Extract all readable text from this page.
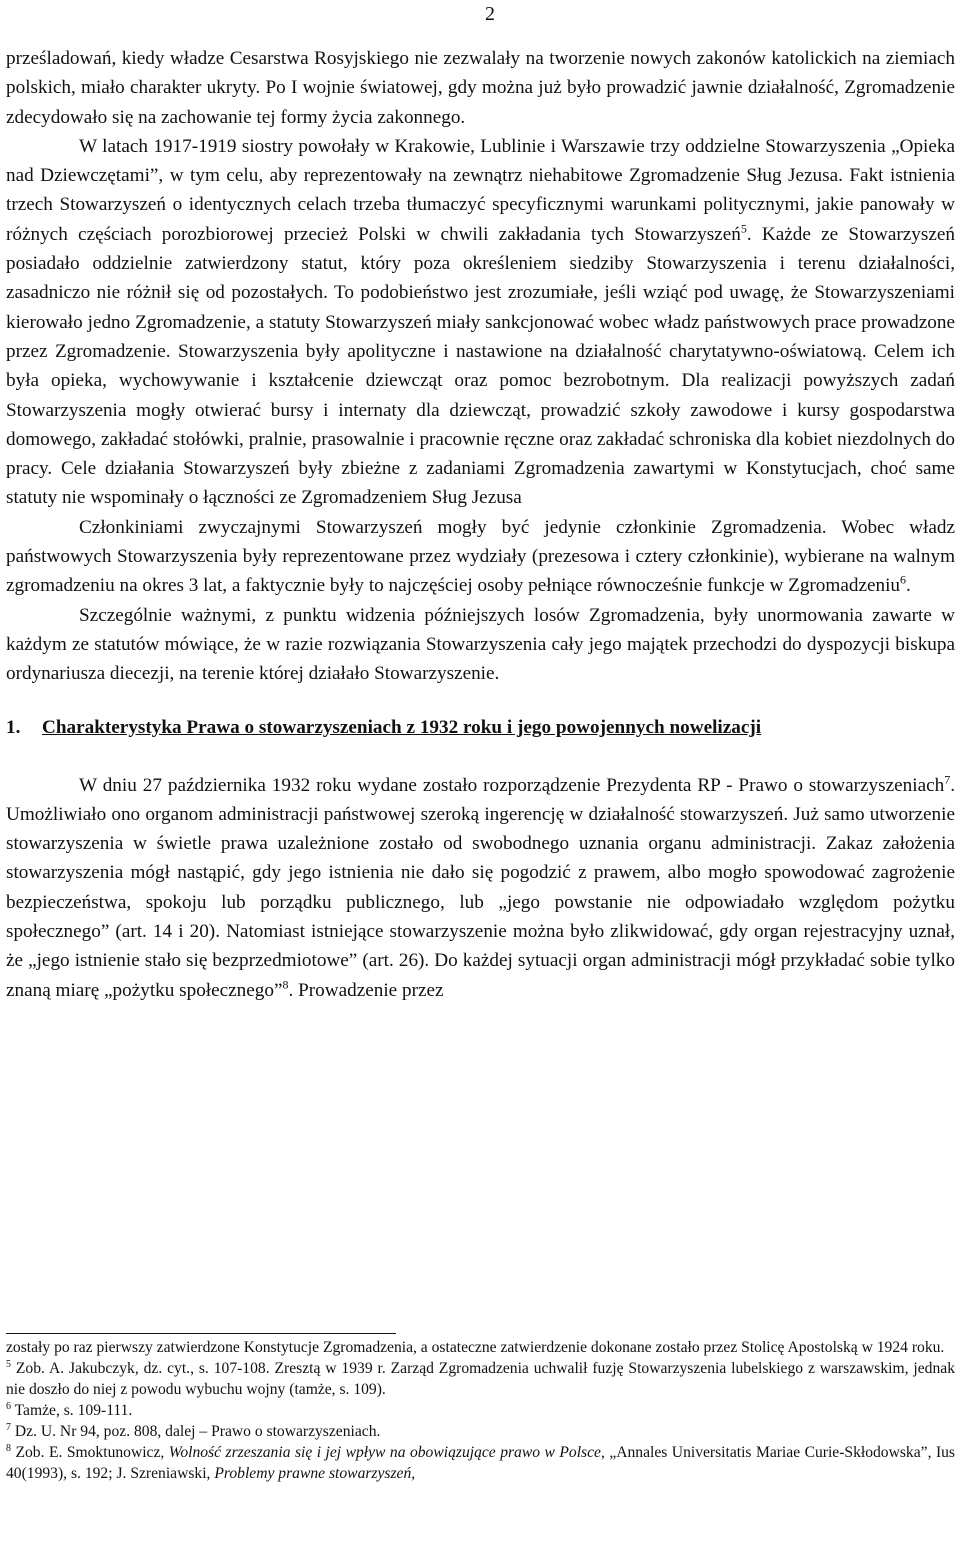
2

prześladowań, kiedy władze Cesarstwa Rosyjskiego nie zezwalały na tworzenie nowych zakonów katolickich na ziemiach polskich, miało charakter ukryty. Po I wojnie światowej, gdy można już było prowadzić jawnie działalność, Zgromadzenie zdecydowało się na zachowanie tej formy życia zakonnego.

W latach 1917-1919 siostry powołały w Krakowie, Lublinie i Warszawie trzy oddzielne Stowarzyszenia „Opieka nad Dziewczętami”, w tym celu, aby reprezentowały na zewnątrz niehabitowe Zgromadzenie Sług Jezusa. Fakt istnienia trzech Stowarzyszeń o identycznych celach trzeba tłumaczyć specyficznymi warunkami politycznymi, jakie panowały w różnych częściach porozbiorowej przecież Polski w chwili zakładania tych Stowarzyszeń$^5$. Każde ze Stowarzyszeń posiadało oddzielnie zatwierdzony statut, który poza określeniem siedziby Stowarzyszenia i terenu działalności, zasadniczo nie różnił się od pozostałych. To podobieństwo jest zrozumiałe, jeśli wziąć pod uwagę, że Stowarzyszeniami kierowało jedno Zgromadzenie, a statuty Stowarzyszeń miały sankcjonować wobec władz państwowych prace prowadzone przez Zgromadzenie. Stowarzyszenia były apolityczne i nastawione na działalność charytatywno-oświatową. Celem ich była opieka, wychowywanie i kształcenie dziewcząt oraz pomoc bezrobotnym. Dla realizacji powyższych zadań Stowarzyszenia mogły otwierać bursy i internaty dla dziewcząt, prowadzić szkoły zawodowe i kursy gospodarstwa domowego, zakładać stołówki, pralnie, prasowalnie i pracownie ręczne oraz zakładać schroniska dla kobiet niezdolnych do pracy. Cele działania Stowarzyszeń były zbieżne z zadaniami Zgromadzenia zawartymi w Konstytucjach, choć same statuty nie wspominały o łączności ze Zgromadzeniem Sług Jezusa

Członkiniami zwyczajnymi Stowarzyszeń mogły być jedynie członkinie Zgromadzenia. Wobec władz państwowych Stowarzyszenia były reprezentowane przez wydziały (prezesowa i cztery członkinie), wybierane na walnym zgromadzeniu na okres 3 lat, a faktycznie były to najczęściej osoby pełniące równocześnie funkcje w Zgromadzeniu$^6$.

Szczególnie ważnymi, z punktu widzenia późniejszych losów Zgromadzenia, były unormowania zawarte w każdym ze statutów mówiące, że w razie rozwiązania Stowarzyszenia cały jego majątek przechodzi do dyspozycji biskupa ordynariusza diecezji, na terenie której działało Stowarzyszenie.

1.	Charakterystyka Prawa o stowarzyszeniach z 1932 roku i jego powojennych nowelizacji

W dniu 27 października 1932 roku wydane zostało rozporządzenie Prezydenta RP - Prawo o stowarzyszeniach$^7$. Umożliwiało ono organom administracji państwowej szeroką ingerencję w działalność stowarzyszeń. Już samo utworzenie stowarzyszenia w świetle prawa uzależnione zostało od swobodnego uznania organu administracji. Zakaz założenia stowarzyszenia mógł nastąpić, gdy jego istnienia nie dało się pogodzić z prawem, albo mogło spowodować zagrożenie bezpieczeństwa, spokoju lub porządku publicznego, lub „jego powstanie nie odpowiadało względom pożytku społecznego” (art. 14 i 20). Natomiast istniejące stowarzyszenie można było zlikwidować, gdy organ rejestracyjny uznał, że „jego istnienie stało się bezprzedmiotowe” (art. 26). Do każdej sytuacji organ administracji mógł przykładać sobie tylko znaną miarę „pożytku społecznego”$^8$. Prowadzenie przez

zostały po raz pierwszy zatwierdzone Konstytucje Zgromadzenia, a ostateczne zatwierdzenie dokonane zostało przez Stolicę Apostolską w 1924 roku.

$^5$ Zob. A. Jakubczyk, dz. cyt., s. 107-108. Zresztą w 1939 r. Zarząd Zgromadzenia uchwalił fuzję Stowarzyszenia lubelskiego z warszawskim, jednak nie doszło do niej z powodu wybuchu wojny (tamże, s. 109).

$^6$ Tamże, s. 109-111.

$^7$ Dz. U. Nr 94, poz. 808, dalej – Prawo o stowarzyszeniach.

$^8$ Zob. E. Smoktunowicz, Wolność zrzeszania się i jej wpływ na obowiązujące prawo w Polsce, „Annales Universitatis Mariae Curie-Skłodowska”, Ius 40(1993), s. 192; J. Szreniawski, Problemy prawne stowarzyszeń,
